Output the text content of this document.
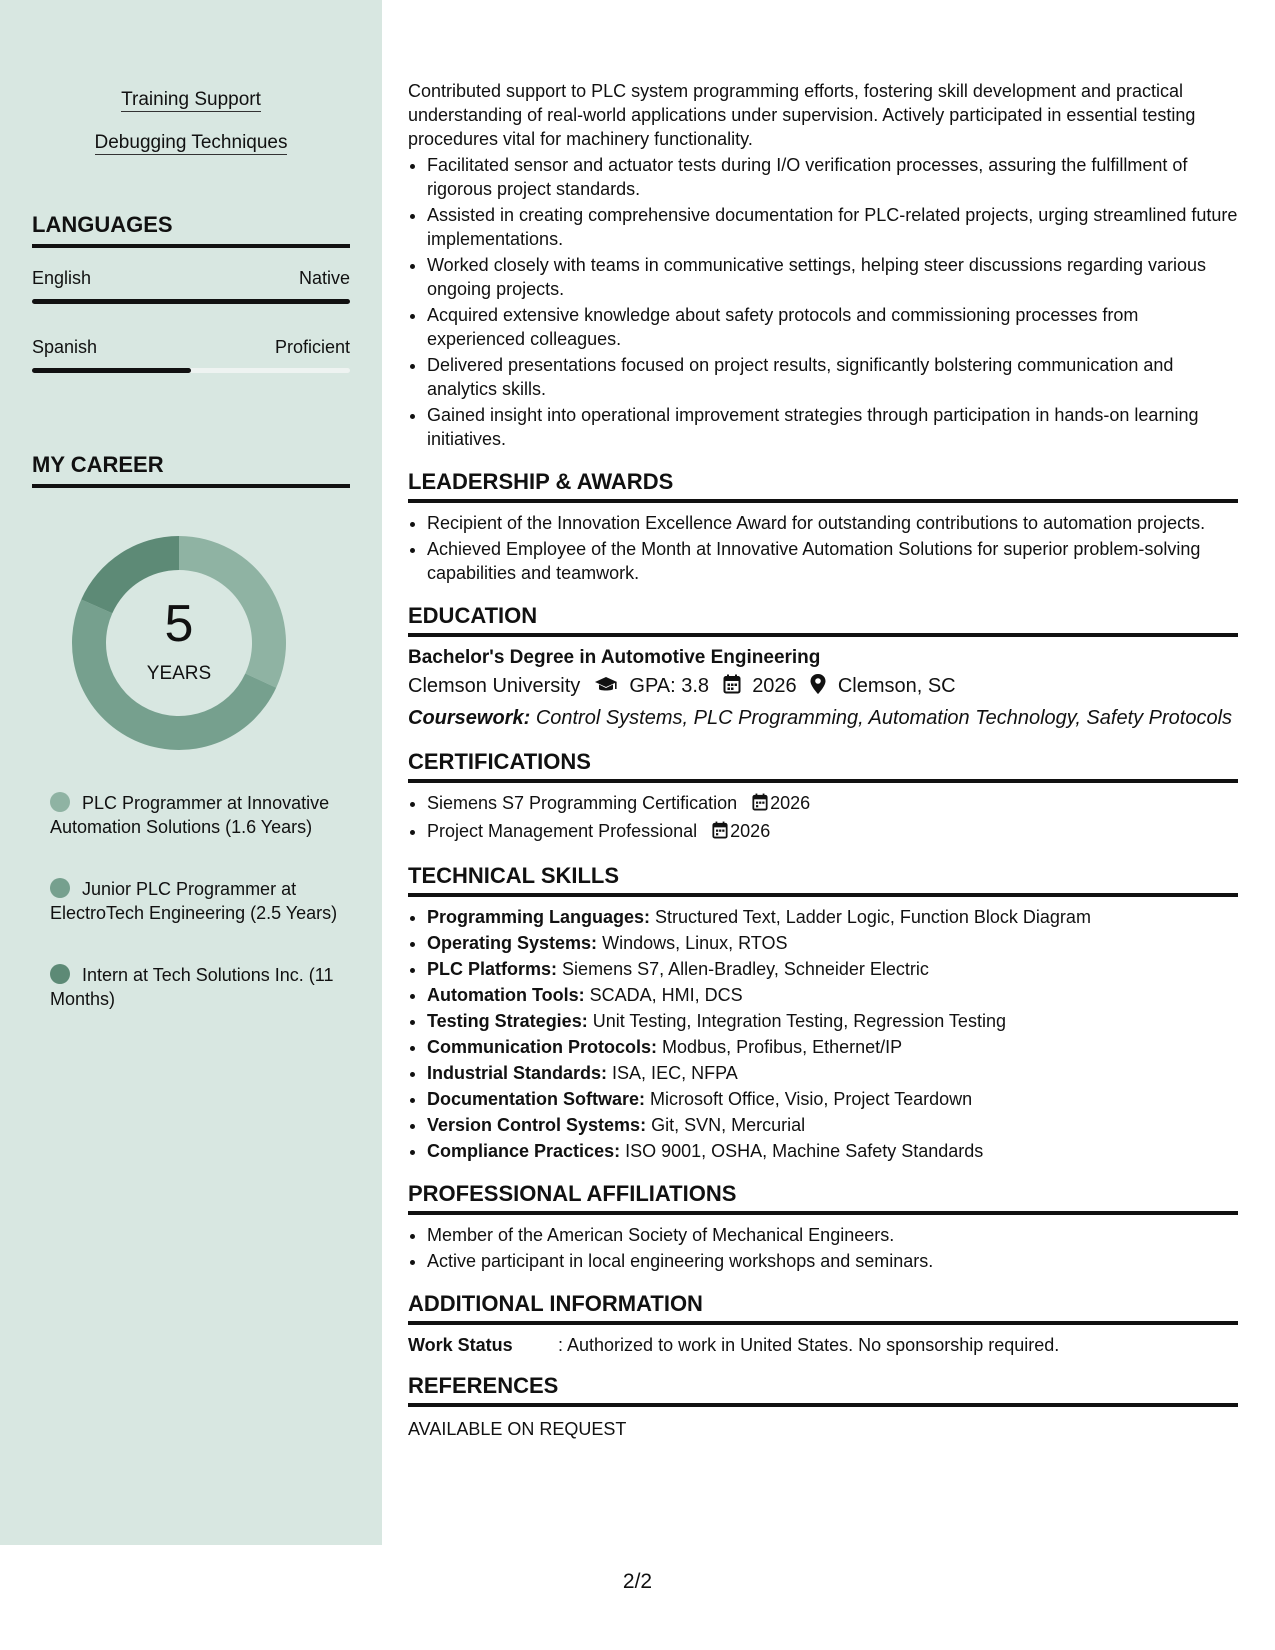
Training Support
Debugging Techniques
LANGUAGES
English	Native
Spanish	Proficient
MY CAREER
5
YEARS
PLC Programmer at Innovative Automation Solutions (1.6 Years)
Junior PLC Programmer at ElectroTech Engineering (2.5 Years)
Intern at Tech Solutions Inc. (11 Months)

Contributed support to PLC system programming efforts, fostering skill development and practical understanding of real-world applications under supervision. Actively participated in essential testing procedures vital for machinery functionality.

• Facilitated sensor and actuator tests during I/O verification processes, assuring the fulfillment of rigorous project standards.
• Assisted in creating comprehensive documentation for PLC-related projects, urging streamlined future implementations.
• Worked closely with teams in communicative settings, helping steer discussions regarding various ongoing projects.
• Acquired extensive knowledge about safety protocols and commissioning processes from experienced colleagues.
• Delivered presentations focused on project results, significantly bolstering communication and analytics skills.
• Gained insight into operational improvement strategies through participation in hands-on learning initiatives.
LEADERSHIP & AWARDS
• Recipient of the Innovation Excellence Award for outstanding contributions to automation projects.
• Achieved Employee of the Month at Innovative Automation Solutions for superior problem-solving capabilities and teamwork.
EDUCATION
Bachelor's Degree in Automotive Engineering
Clemson University GPA: 3.8 2026 Clemson, SC
Coursework: Control Systems, PLC Programming, Automation Technology, Safety Protocols
CERTIFICATIONS
• Siemens S7 Programming Certification 2026
• Project Management Professional 2026
TECHNICAL SKILLS
• Programming Languages: Structured Text, Ladder Logic, Function Block Diagram
• Operating Systems: Windows, Linux, RTOS
• PLC Platforms: Siemens S7, Allen-Bradley, Schneider Electric
• Automation Tools: SCADA, HMI, DCS
• Testing Strategies: Unit Testing, Integration Testing, Regression Testing
• Communication Protocols: Modbus, Profibus, Ethernet/IP
• Industrial Standards: ISA, IEC, NFPA
• Documentation Software: Microsoft Office, Visio, Project Teardown
• Version Control Systems: Git, SVN, Mercurial
• Compliance Practices: ISO 9001, OSHA, Machine Safety Standards
PROFESSIONAL AFFILIATIONS
• Member of the American Society of Mechanical Engineers.
• Active participant in local engineering workshops and seminars.
ADDITIONAL INFORMATION
Work Status	: Authorized to work in United States. No sponsorship required.
REFERENCES
AVAILABLE ON REQUEST
2/2
